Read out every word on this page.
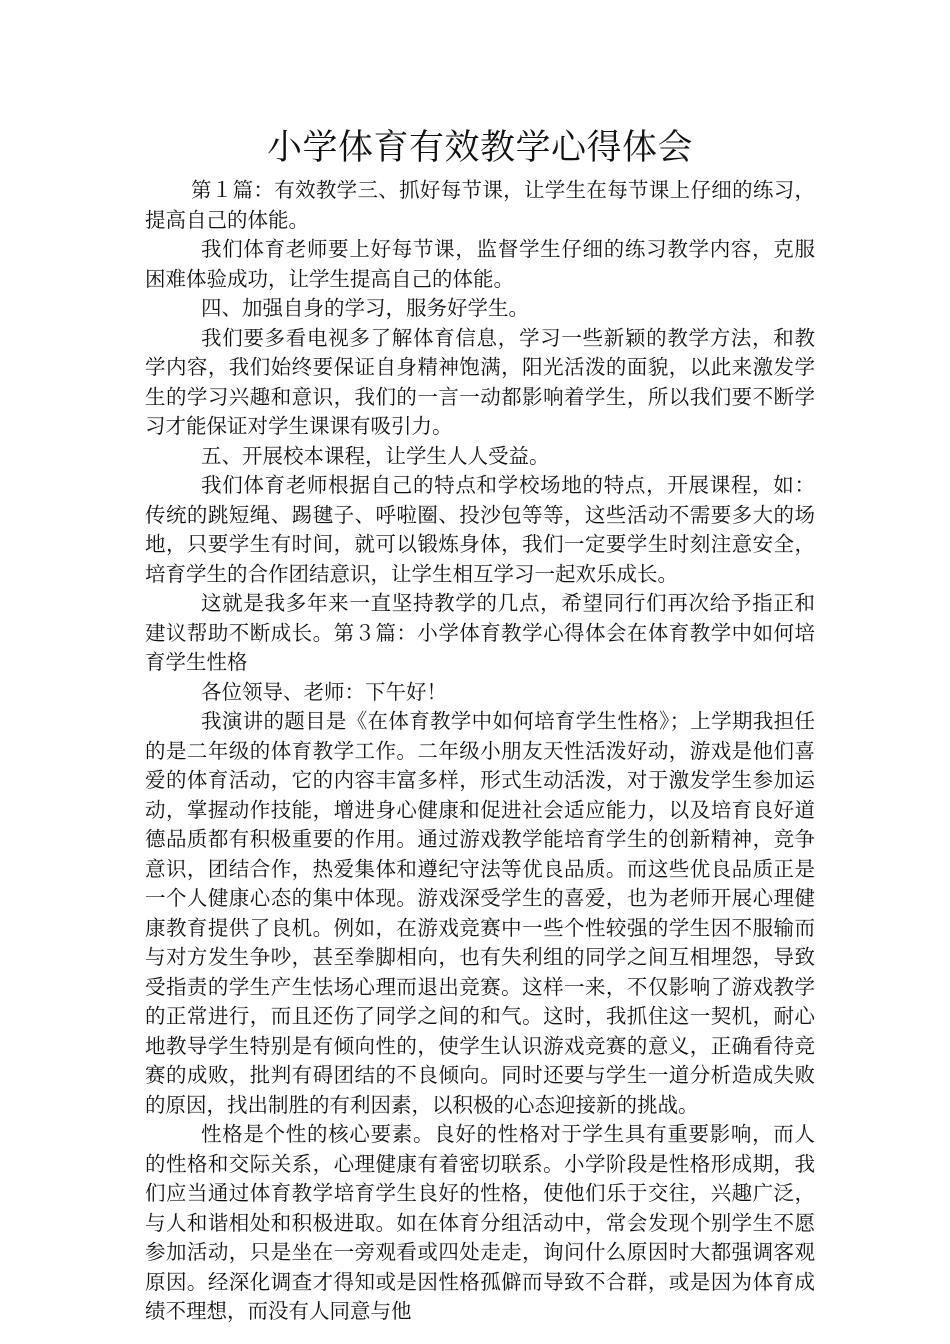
小学体育有效教学心得体会

第１篇：有效教学三、抓好每节课，让学生在每节课上仔细的练习，提高自己的体能。

我们体育老师要上好每节课，监督学生仔细的练习教学内容，克服困难体验成功，让学生提高自己的体能。

四、加强自身的学习，服务好学生。

我们要多看电视多了解体育信息，学习一些新颖的教学方法，和教学内容，我们始终要保证自身精神饱满，阳光活泼的面貌，以此来激发学生的学习兴趣和意识，我们的一言一动都影响着学生，所以我们要不断学习才能保证对学生课课有吸引力。

五、开展校本课程，让学生人人受益。

我们体育老师根据自己的特点和学校场地的特点，开展课程，如：传统的跳短绳、踢毽子、呼啦圈、投沙包等等，这些活动不需要多大的场地，只要学生有时间，就可以锻炼身体，我们一定要学生时刻注意安全，培育学生的合作团结意识，让学生相互学习一起欢乐成长。

这就是我多年来一直坚持教学的几点，希望同行们再次给予指正和建议帮助不断成长。第３篇：小学体育教学心得体会在体育教学中如何培育学生性格

各位领导、老师：下午好！

我演讲的题目是《在体育教学中如何培育学生性格》；上学期我担任的是二年级的体育教学工作。二年级小朋友天性活泼好动，游戏是他们喜爱的体育活动，它的内容丰富多样，形式生动活泼，对于激发学生参加运动，掌握动作技能，增进身心健康和促进社会适应能力，以及培育良好道德品质都有积极重要的作用。通过游戏教学能培育学生的创新精神，竞争意识，团结合作，热爱集体和遵纪守法等优良品质。而这些优良品质正是一个人健康心态的集中体现。游戏深受学生的喜爱，也为老师开展心理健康教育提供了良机。例如，在游戏竞赛中一些个性较强的学生因不服输而与对方发生争吵，甚至拳脚相向，也有失利组的同学之间互相埋怨，导致受指责的学生产生怯场心理而退出竞赛。这样一来，不仅影响了游戏教学的正常进行，而且还伤了同学之间的和气。这时，我抓住这一契机，耐心地教导学生特别是有倾向性的，使学生认识游戏竞赛的意义，正确看待竞赛的成败，批判有碍团结的不良倾向。同时还要与学生一道分析造成失败的原因，找出制胜的有利因素，以积极的心态迎接新的挑战。

性格是个性的核心要素。良好的性格对于学生具有重要影响，而人的性格和交际关系，心理健康有着密切联系。小学阶段是性格形成期，我们应当通过体育教学培育学生良好的性格，使他们乐于交往，兴趣广泛，与人和谐相处和积极进取。如在体育分组活动中，常会发现个别学生不愿参加活动，只是坐在一旁观看或四处走走，询问什么原因时大都强调客观原因。经深化调查才得知或是因性格孤僻而导致不合群，或是因为体育成绩不理想，而没有人同意与他
